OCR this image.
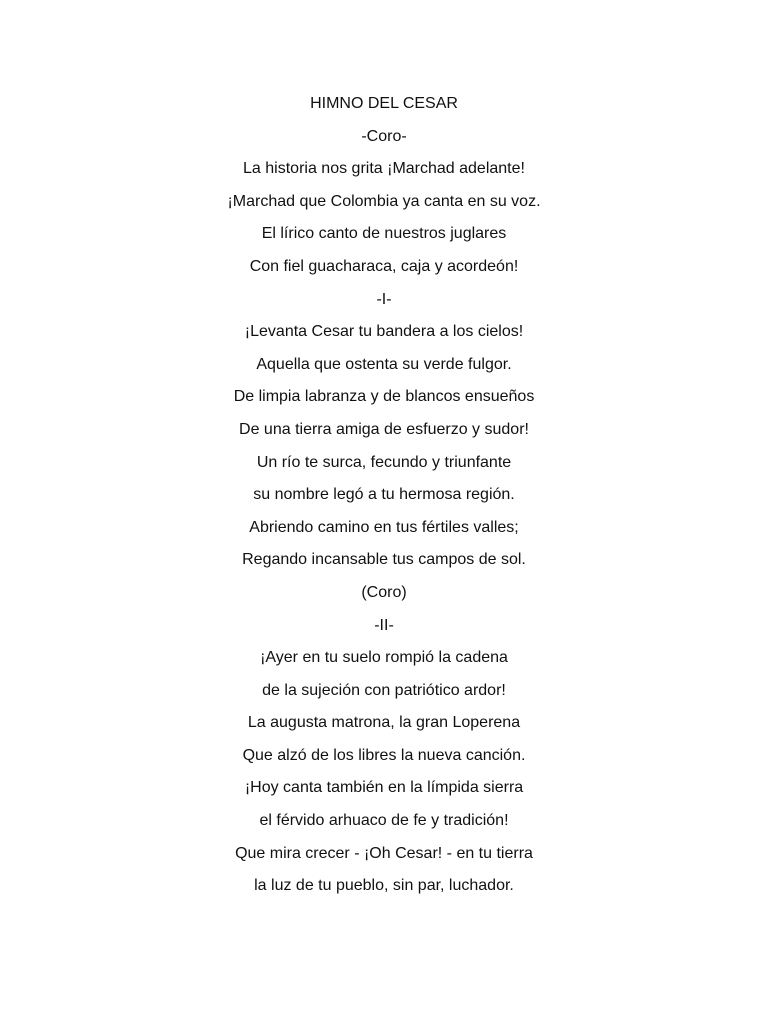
HIMNO DEL CESAR
-Coro-
La historia nos grita ¡Marchad adelante!
¡Marchad que Colombia ya canta en su voz.
El lírico canto de nuestros juglares
Con fiel guacharaca, caja y acordeón!
-I-
¡Levanta Cesar tu bandera a los cielos!
Aquella que ostenta su verde fulgor.
De limpia labranza y de blancos ensueños
De una tierra amiga de esfuerzo y sudor!
Un río te surca, fecundo y triunfante
su nombre legó a tu hermosa región.
Abriendo camino en tus fértiles valles;
Regando incansable tus campos de sol.
(Coro)
-II-
¡Ayer en tu suelo rompió la cadena
de la sujeción con patriótico ardor!
La augusta matrona, la gran Loperena
Que alzó de los libres la nueva canción.
¡Hoy canta también en la límpida sierra
el férvido arhuaco de fe y tradición!
Que mira crecer - ¡Oh Cesar! - en tu tierra
la luz de tu pueblo, sin par, luchador.
